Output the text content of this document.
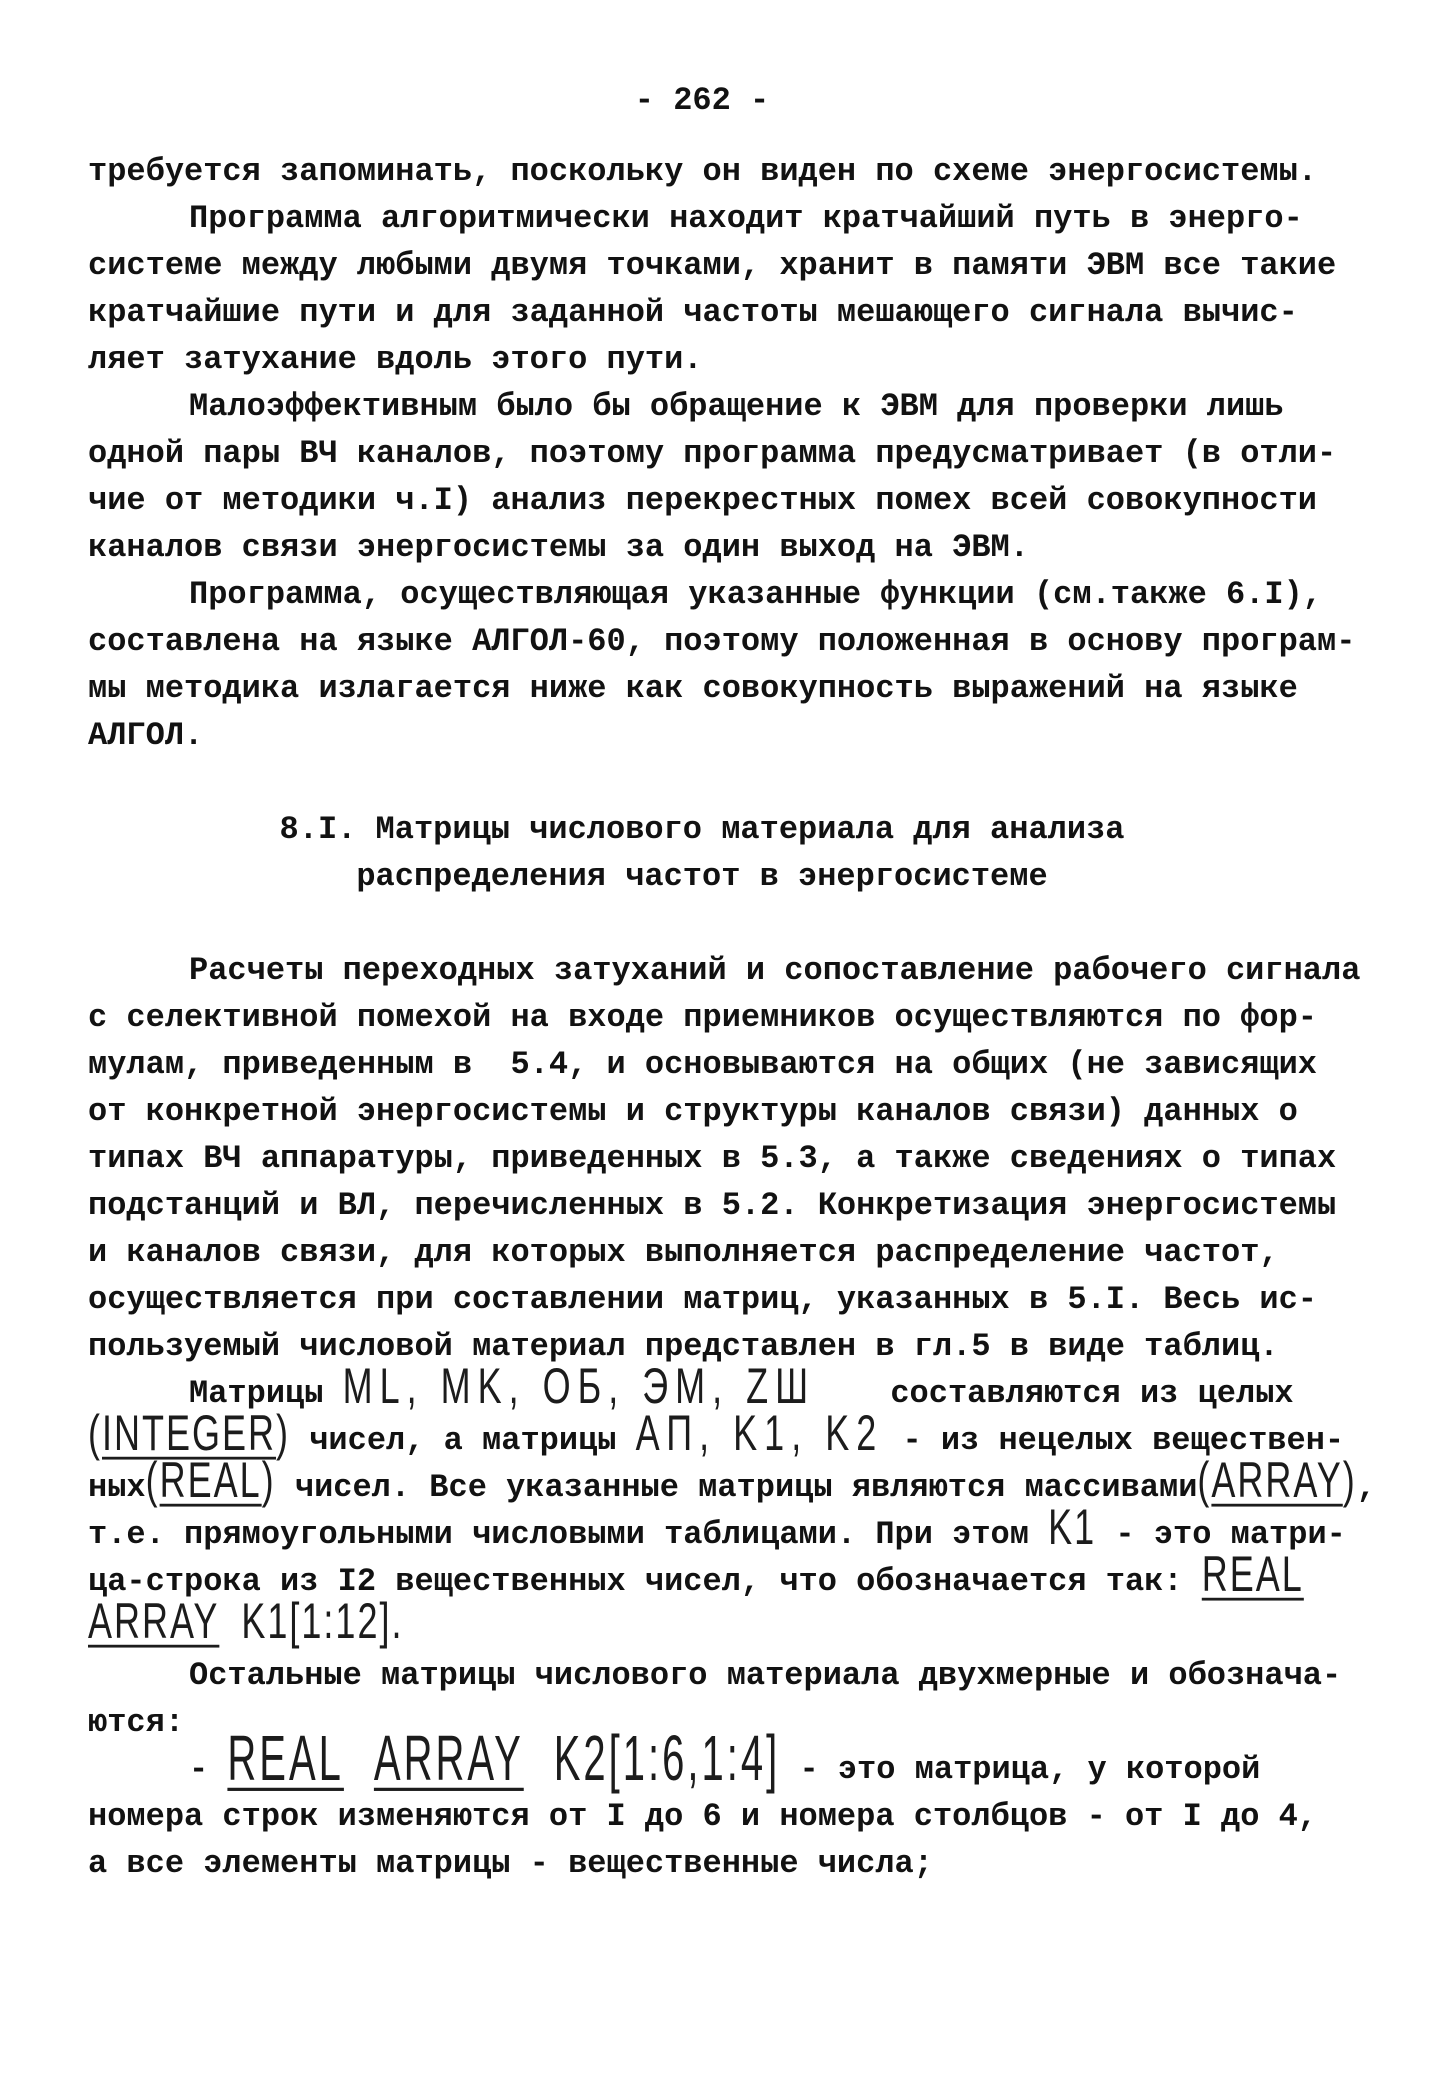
- 262 -
требуется запоминать, поскольку он виден по схеме энергосистемы.
Программа алгоритмически находит кратчайший путь в энерго-
системе между любыми двумя точками, хранит в памяти ЭВМ все такие
кратчайшие пути и для заданной частоты мешающего сигнала вычис-
ляет затухание вдоль этого пути.
Малоэффективным было бы обращение к ЭВМ для проверки лишь
одной пары ВЧ каналов, поэтому программа предусматривает (в отли-
чие от методики ч.I) анализ перекрестных помех всей совокупности
каналов связи энергосистемы за один выход на ЭВМ.
Программа, осуществляющая указанные функции (см.также 6.I),
составлена на языке АЛГОЛ-60, поэтому положенная в основу програм-
мы методика излагается ниже как совокупность выражений на языке
АЛГОЛ.
8.I. Матрицы числового материала для анализа
распределения частот в энергосистеме
Расчеты переходных затуханий и сопоставление рабочего сигнала
с селективной помехой на входе приемников осуществляются по фор-
мулам, приведенным в  5.4, и основываются на общих (не зависящих
от конкретной энергосистемы и структуры каналов связи) данных о
типах ВЧ аппаратуры, приведенных в 5.3, а также сведениях о типах
подстанций и ВЛ, перечисленных в 5.2. Конкретизация энергосистемы
и каналов связи, для которых выполняется распределение частот,
осуществляется при составлении матриц, указанных в 5.I. Весь ис-
пользуемый числовой материал представлен в гл.5 в виде таблиц.
Матрицы ML, MK, ОБ, ЭМ, ZШ составляются из целых
(INTEGER) чисел, а матрицы АП, K1, K2 - из нецелых веществен-
ных(REAL) чисел. Все указанные матрицы являются массивами(ARRAY),
т.е. прямоугольными числовыми таблицами. При этом K1 - это матри-
ца-строка из I2 вещественных чисел, что обозначается так: REAL
ARRAY K1[1:12].
Остальные матрицы числового материала двухмерные и обознача-
ются:
- REAL ARRAY K2[1:6,1:4] - это матрица, у которой
номера строк изменяются от I до 6 и номера столбцов - от I до 4,
а все элементы матрицы - вещественные числа;
